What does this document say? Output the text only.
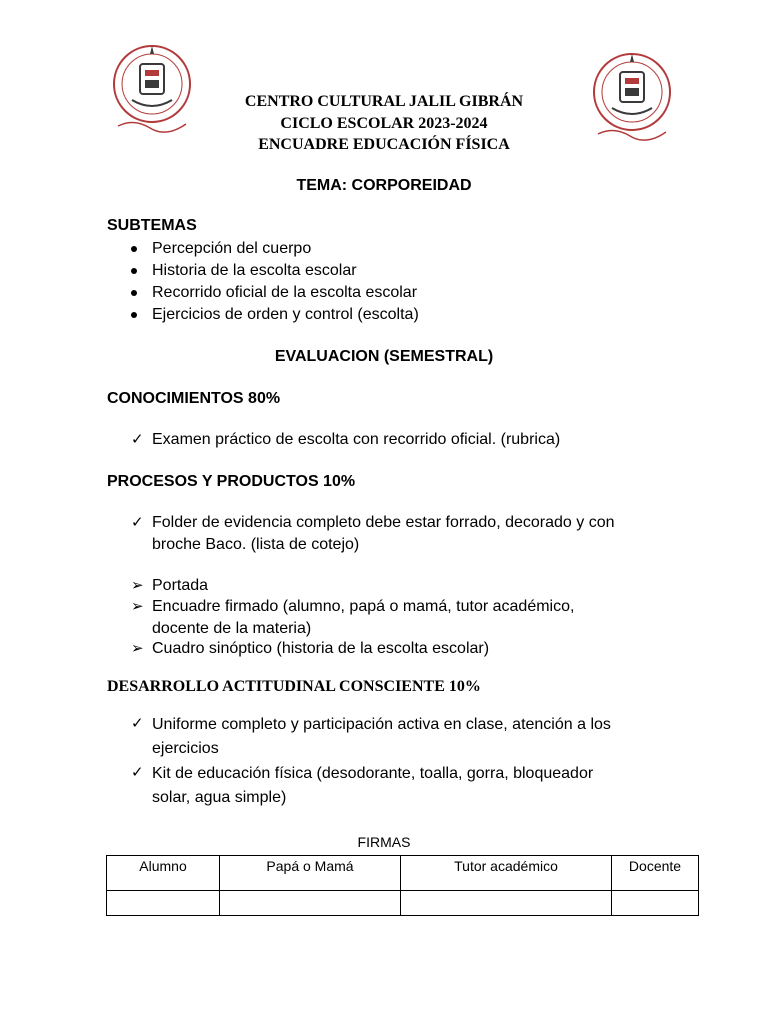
CENTRO CULTURAL JALIL GIBRÁN
CICLO ESCOLAR 2023-2024
ENCUADRE EDUCACIÓN FÍSICA
TEMA: CORPOREIDAD
SUBTEMAS
Percepción del cuerpo
Historia de la escolta escolar
Recorrido oficial de la escolta escolar
Ejercicios de orden y control (escolta)
EVALUACION (SEMESTRAL)
CONOCIMIENTOS 80%
✓ Examen práctico de escolta con recorrido oficial. (rubrica)
PROCESOS Y PRODUCTOS 10%
✓ Folder de evidencia completo debe estar forrado, decorado y con
broche Baco. (lista de cotejo)
➢ Portada
➢ Encuadre firmado (alumno, papá o mamá, tutor académico,
docente de la materia)
➢ Cuadro sinóptico (historia de la escolta escolar)
DESARROLLO ACTITUDINAL CONSCIENTE 10%
✓ Uniforme completo y participación activa en clase, atención a los
ejercicios
✓ Kit de educación física (desodorante, toalla, gorra, bloqueador
solar, agua simple)
FIRMAS
Alumno	Papá o Mamá	Tutor académico	Docente
